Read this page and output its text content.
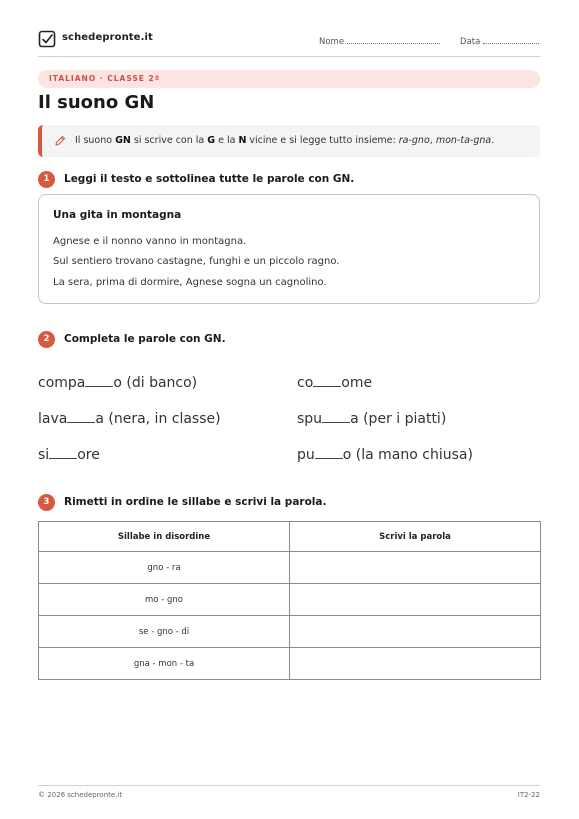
schedepronte.it	Nome	Data
ITALIANO · CLASSE 2ª
Il suono GN
Il suono GN si scrive con la G e la N vicine e si legge tutto insieme: ra-gno, mon-ta-gna.
1	Leggi il testo e sottolinea tutte le parole con GN.
Una gita in montagna
Agnese e il nonno vanno in montagna.
Sul sentiero trovano castagne, funghi e un piccolo ragno.
La sera, prima di dormire, Agnese sogna un cagnolino.
2	Completa le parole con GN.
compa o (di banco)	co ome
lava a (nera, in classe)	spu a (per i piatti)
si ore	pu o (la mano chiusa)
3	Rimetti in ordine le sillabe e scrivi la parola.
Sillabe in disordine	Scrivi la parola
gno - ra	
mo - gno	
se - gno - di	
gna - mon - ta	
© 2026 schedepronte.it	IT2-22
